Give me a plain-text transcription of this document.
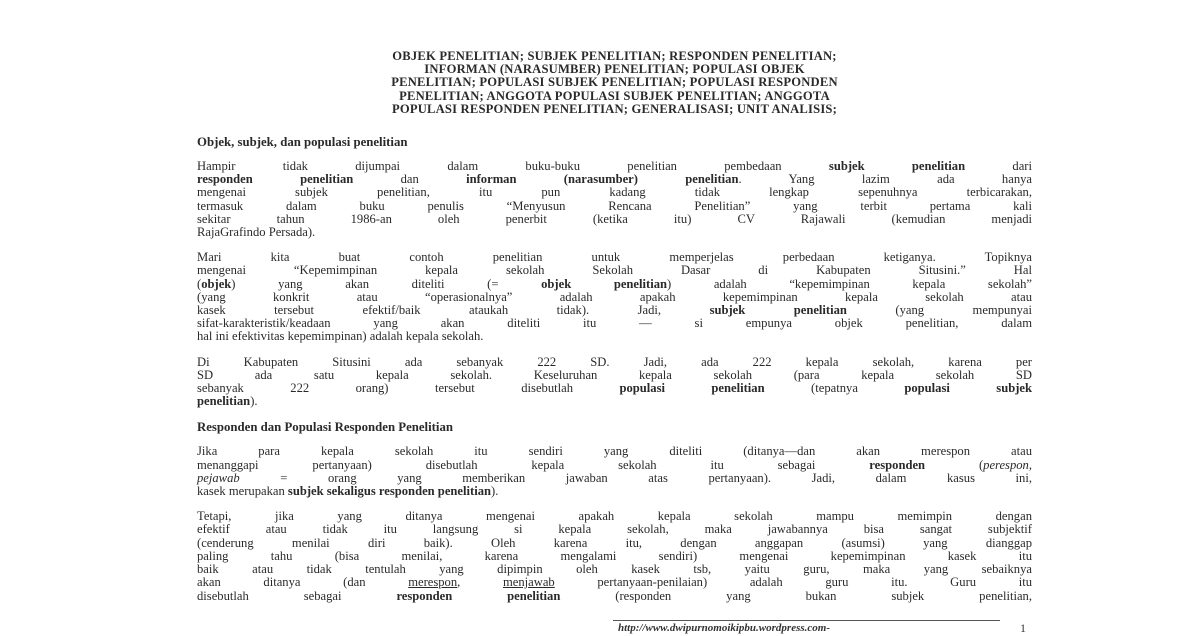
OBJEK PENELITIAN; SUBJEK PENELITIAN; RESPONDEN PENELITIAN;
INFORMAN (NARASUMBER) PENELITIAN; POPULASI OBJEK
PENELITIAN; POPULASI SUBJEK PENELITIAN; POPULASI RESPONDEN
PENELITIAN; ANGGOTA POPULASI SUBJEK PENELITIAN; ANGGOTA
POPULASI RESPONDEN PENELITIAN; GENERALISASI; UNIT ANALISIS;
Objek, subjek, dan populasi penelitian

Hampir tidak dijumpai dalam buku-buku penelitian pembedaan subjek penelitian dari
responden penelitian dan informan (narasumber) penelitian. Yang lazim ada hanya
mengenai subjek penelitian, itu pun kadang tidak lengkap sepenuhnya terbicarakan,
termasuk dalam buku penulis “Menyusun Rencana Penelitian” yang terbit pertama kali
sekitar tahun 1986-an oleh penerbit (ketika itu) CV Rajawali (kemudian menjadi
RajaGrafindo Persada).

Mari kita buat contoh penelitian untuk memperjelas perbedaan ketiganya. Topiknya
mengenai “Kepemimpinan kepala sekolah Sekolah Dasar di Kabupaten Situsini.” Hal
(objek) yang akan diteliti (= objek penelitian) adalah “kepemimpinan kepala sekolah”
(yang konkrit atau “operasionalnya” adalah apakah kepemimpinan kepala sekolah atau
kasek tersebut efektif/baik ataukah tidak). Jadi, subjek penelitian (yang mempunyai
sifat-karakteristik/keadaan yang akan diteliti itu — si empunya objek penelitian, dalam
hal ini efektivitas kepemimpinan) adalah kepala sekolah.

Di Kabupaten Situsini ada sebanyak 222 SD. Jadi, ada 222 kepala sekolah, karena per
SD ada satu kepala sekolah. Keseluruhan kepala sekolah (para kepala sekolah SD
sebanyak 222 orang) tersebut disebutlah populasi penelitian (tepatnya populasi subjek
penelitian).

Responden dan Populasi Responden Penelitian

Jika para kepala sekolah itu sendiri yang diteliti (ditanya—dan akan merespon atau
menanggapi pertanyaan) disebutlah kepala sekolah itu sebagai responden (perespon,
pejawab = orang yang memberikan jawaban atas pertanyaan). Jadi, dalam kasus ini,
kasek merupakan subjek sekaligus responden penelitian).

Tetapi, jika yang ditanya mengenai apakah kepala sekolah mampu memimpin dengan
efektif atau tidak itu langsung si kepala sekolah, maka jawabannya bisa sangat subjektif
(cenderung menilai diri baik). Oleh karena itu, dengan anggapan (asumsi) yang dianggap
paling tahu (bisa menilai, karena mengalami sendiri) mengenai kepemimpinan kasek itu
baik atau tidak tentulah yang dipimpin oleh kasek tsb, yaitu guru, maka yang sebaiknya
akan ditanya (dan merespon, menjawab pertanyaan-penilaian) adalah guru itu. Guru itu
disebutlah sebagai responden penelitian (responden yang bukan subjek penelitian,

http://www.dwipurnomoikipbu.wordpress.com-	1
